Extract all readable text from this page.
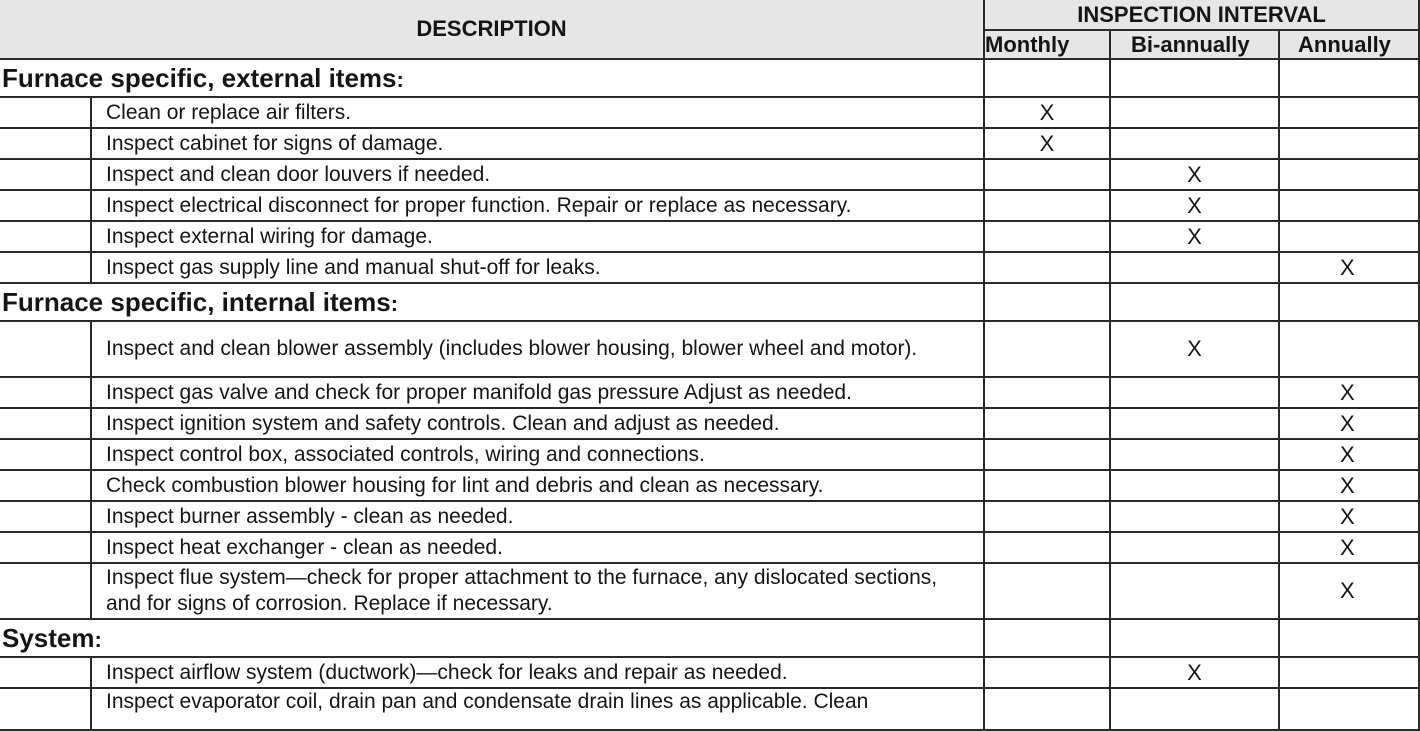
DESCRIPTION		INSPECTION INTERVAL		
		Monthly	Bi-annually	Annually
Furnace specific, external items:				
	Clean or replace air filters.	X		
	Inspect cabinet for signs of damage.	X		
	Inspect and clean door louvers if needed.		X	
	Inspect electrical disconnect for proper function. Repair or replace as necessary.		X	
	Inspect external wiring for damage.		X	
	Inspect gas supply line and manual shut-off for leaks.			X
Furnace specific, internal items:				
	Inspect and clean blower assembly (includes blower housing, blower wheel and motor).		X	
	Inspect gas valve and check for proper manifold gas pressure Adjust as needed.			X
	Inspect ignition system and safety controls. Clean and adjust as needed.			X
	Inspect control box, associated controls, wiring and connections.			X
	Check combustion blower housing for lint and debris and clean as necessary.			X
	Inspect burner assembly - clean as needed.			X
	Inspect heat exchanger - clean as needed.			X
	Inspect flue system—check for proper attachment to the furnace, any dislocated sections, and for signs of corrosion. Replace if necessary.			X
System:				
	Inspect airflow system (ductwork)—check for leaks and repair as needed.		X	
	Inspect evaporator coil, drain pan and condensate drain lines as applicable. Clean			
